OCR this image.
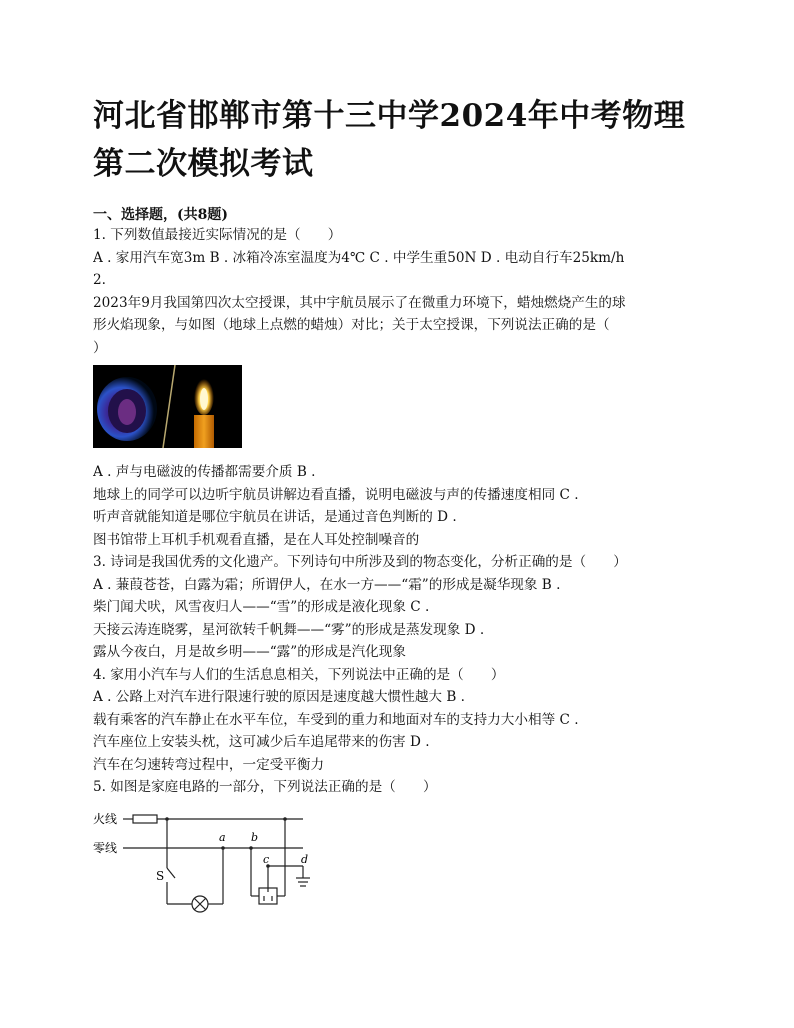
河北省邯郸市第十三中学2024年中考物理第二次模拟考试
一、选择题，(共8题)
1. 下列数值最接近实际情况的是（　　）
A . 家用汽车宽3m B . 冰箱冷冻室温度为4℃ C . 中学生重50N D . 电动自行车25km/h
2.
2023年9月我国第四次太空授课，其中宇航员展示了在微重力环境下，蜡烛燃烧产生的球
形火焰现象，与如图（地球上点燃的蜡烛）对比；关于太空授课，下列说法正确的是（
）
A . 声与电磁波的传播都需要介质 B .
地球上的同学可以边听宇航员讲解边看直播，说明电磁波与声的传播速度相同 C .
听声音就能知道是哪位宇航员在讲话，是通过音色判断的 D .
图书馆带上耳机手机观看直播，是在人耳处控制噪音的
3. 诗词是我国优秀的文化遗产。下列诗句中所涉及到的物态变化，分析正确的是（　　）
A . 蒹葭苍苍，白露为霜；所谓伊人，在水一方——“霜”的形成是凝华现象 B .
柴门闻犬吠，风雪夜归人——“雪”的形成是液化现象 C .
天接云涛连晓雾，星河欲转千帆舞——“雾”的形成是蒸发现象 D .
露从今夜白，月是故乡明——“露”的形成是汽化现象
4. 家用小汽车与人们的生活息息相关，下列说法中正确的是（　　）
A . 公路上对汽车进行限速行驶的原因是速度越大惯性越大 B .
载有乘客的汽车静止在水平车位，车受到的重力和地面对车的支持力大小相等 C .
汽车座位上安装头枕，这可减少后车追尾带来的伤害 D .
汽车在匀速转弯过程中，一定受平衡力
5. 如图是家庭电路的一部分，下列说法正确的是（　　）
火线
零线
S
a b
c	d
